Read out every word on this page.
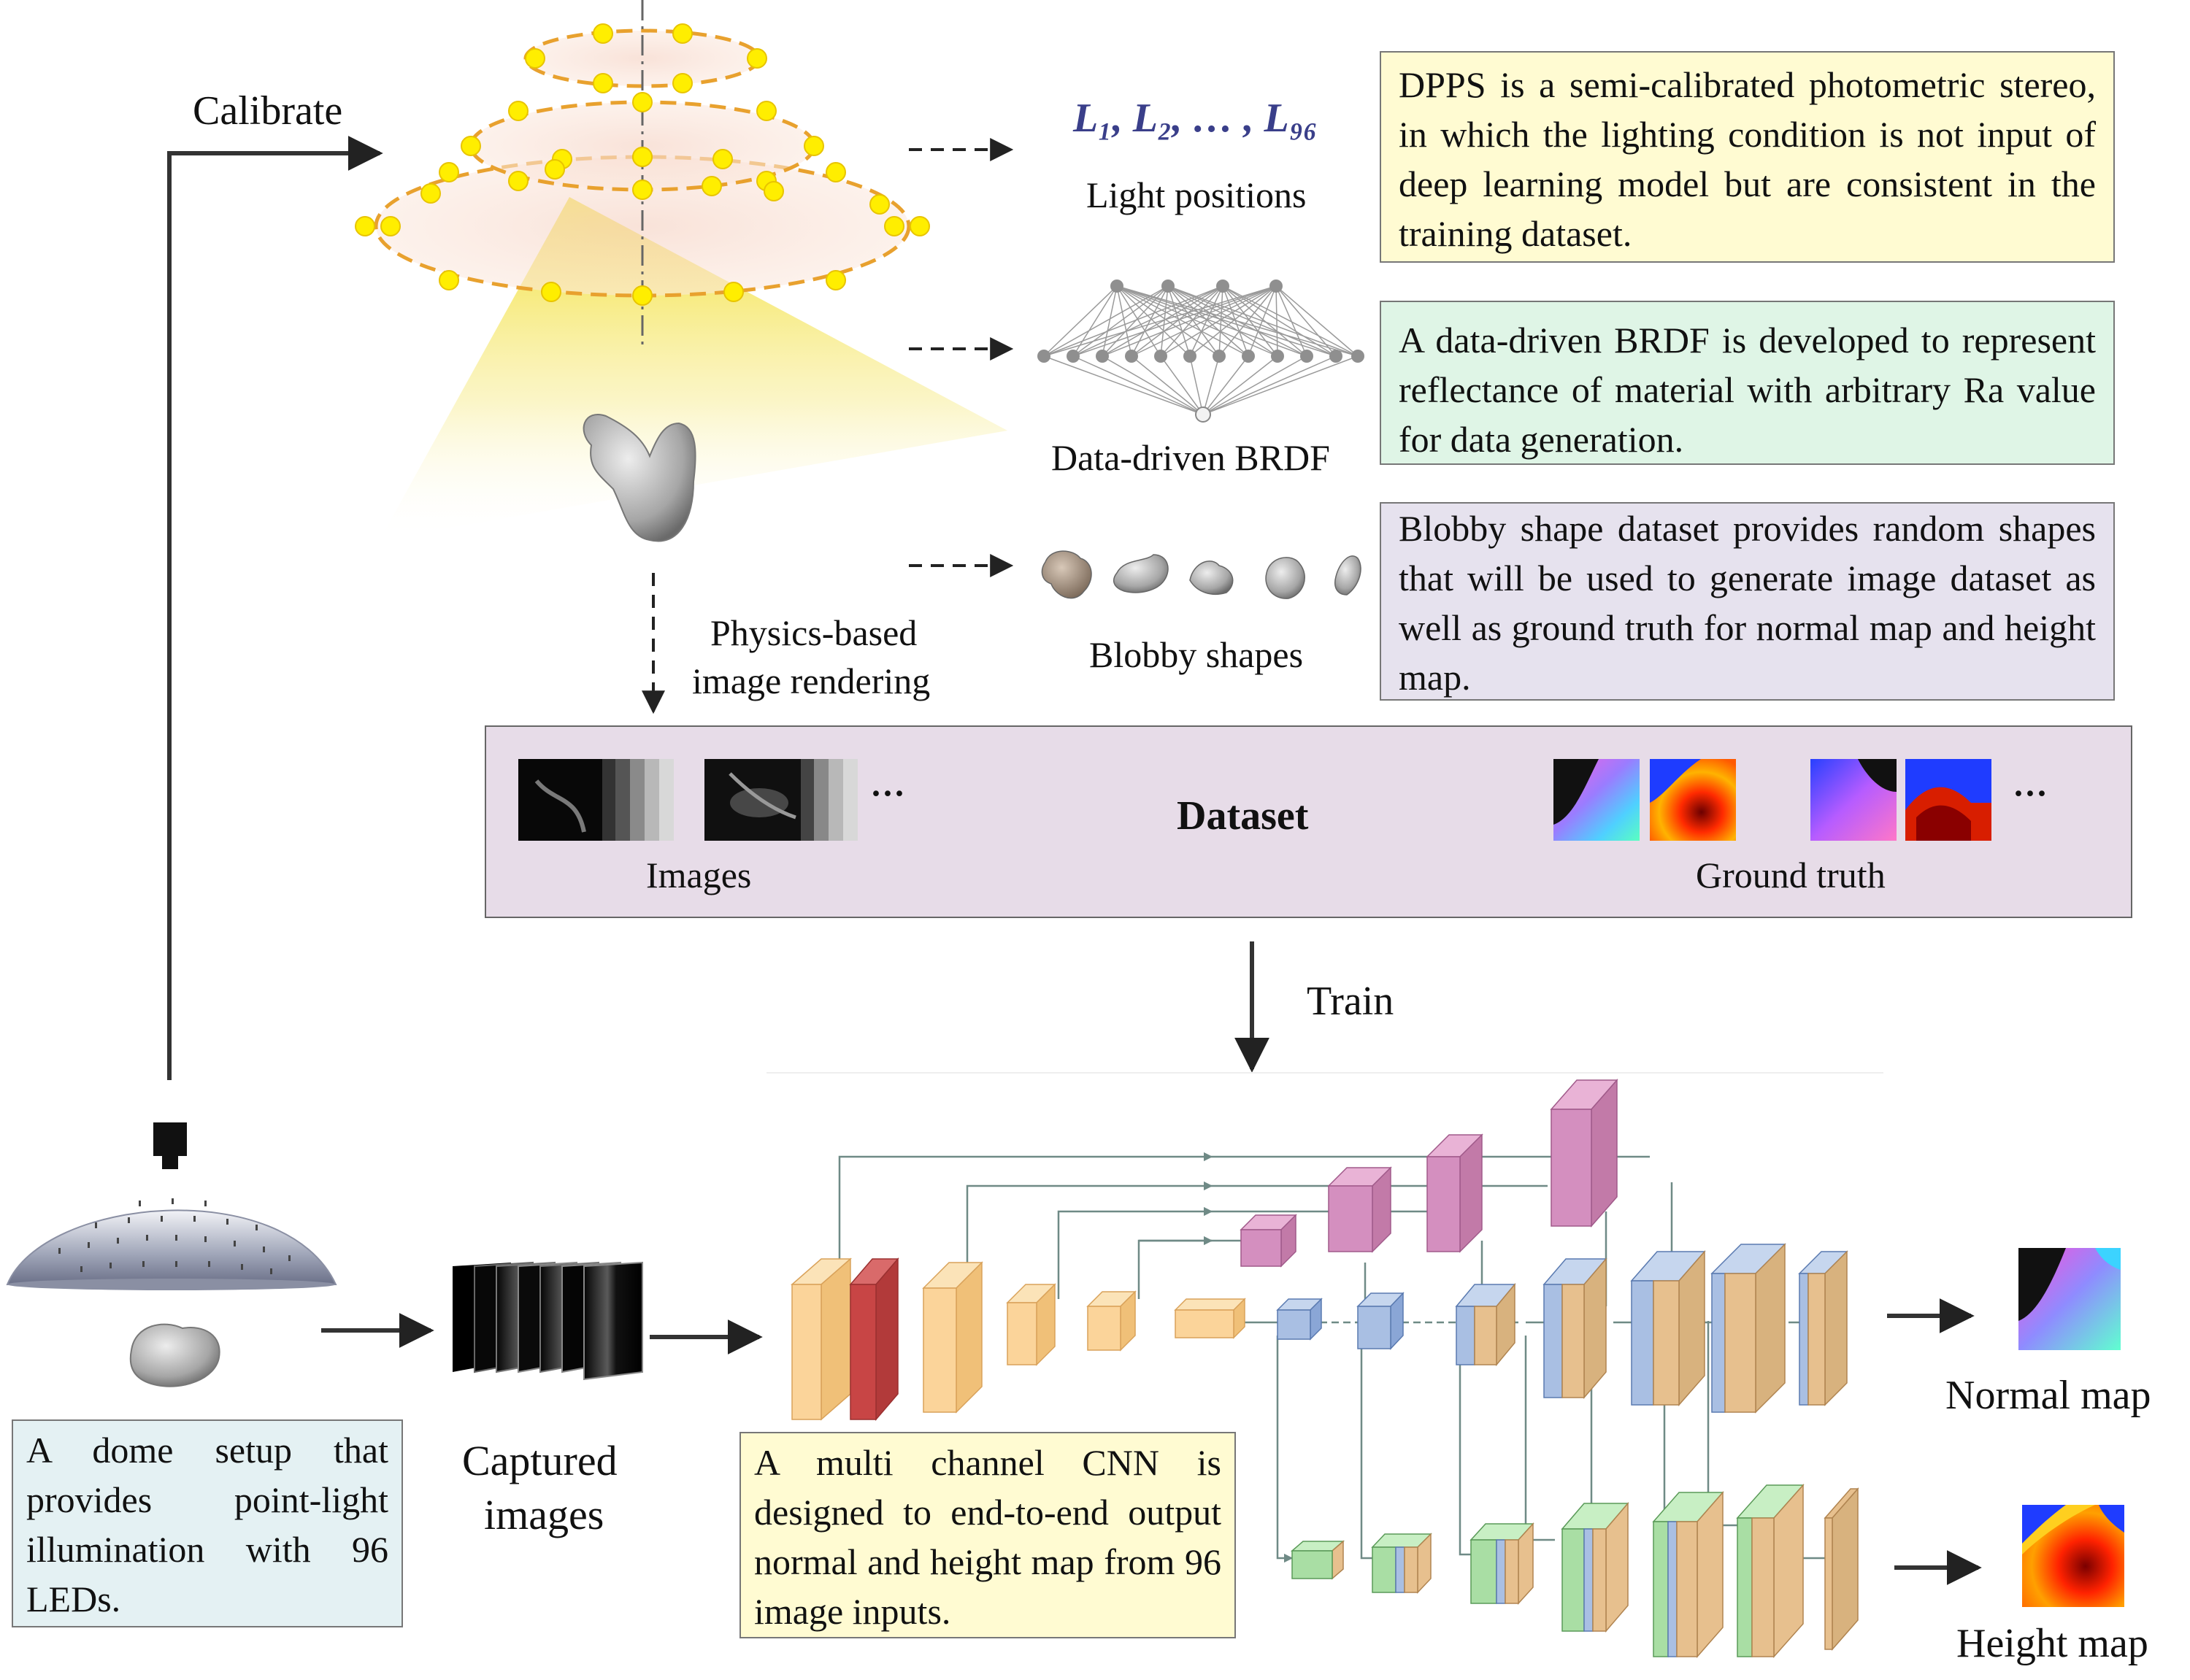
Calibrate	L₁, L₂, … , L₉₆
Light positions
Data-driven BRDF
Blobby shapes
Physics-based
image rendering
Train
DPPS is a semi-calibrated photometric stereo, in which the lighting condition is not input of deep learning model but are consistent in the training dataset.
A data-driven BRDF is developed to represent reflectance of material with arbitrary Ra value for data generation.
Blobby shape dataset provides random shapes that will be used to generate image dataset as well as ground truth for normal map and height map.
A dome setup that provides point-light illumination with 96 LEDs.
A multi channel CNN is designed to end-to-end output normal and height map from 96 image inputs.
Dataset
Images	Ground truth
···	···
Captured
images
Normal map
Height map
